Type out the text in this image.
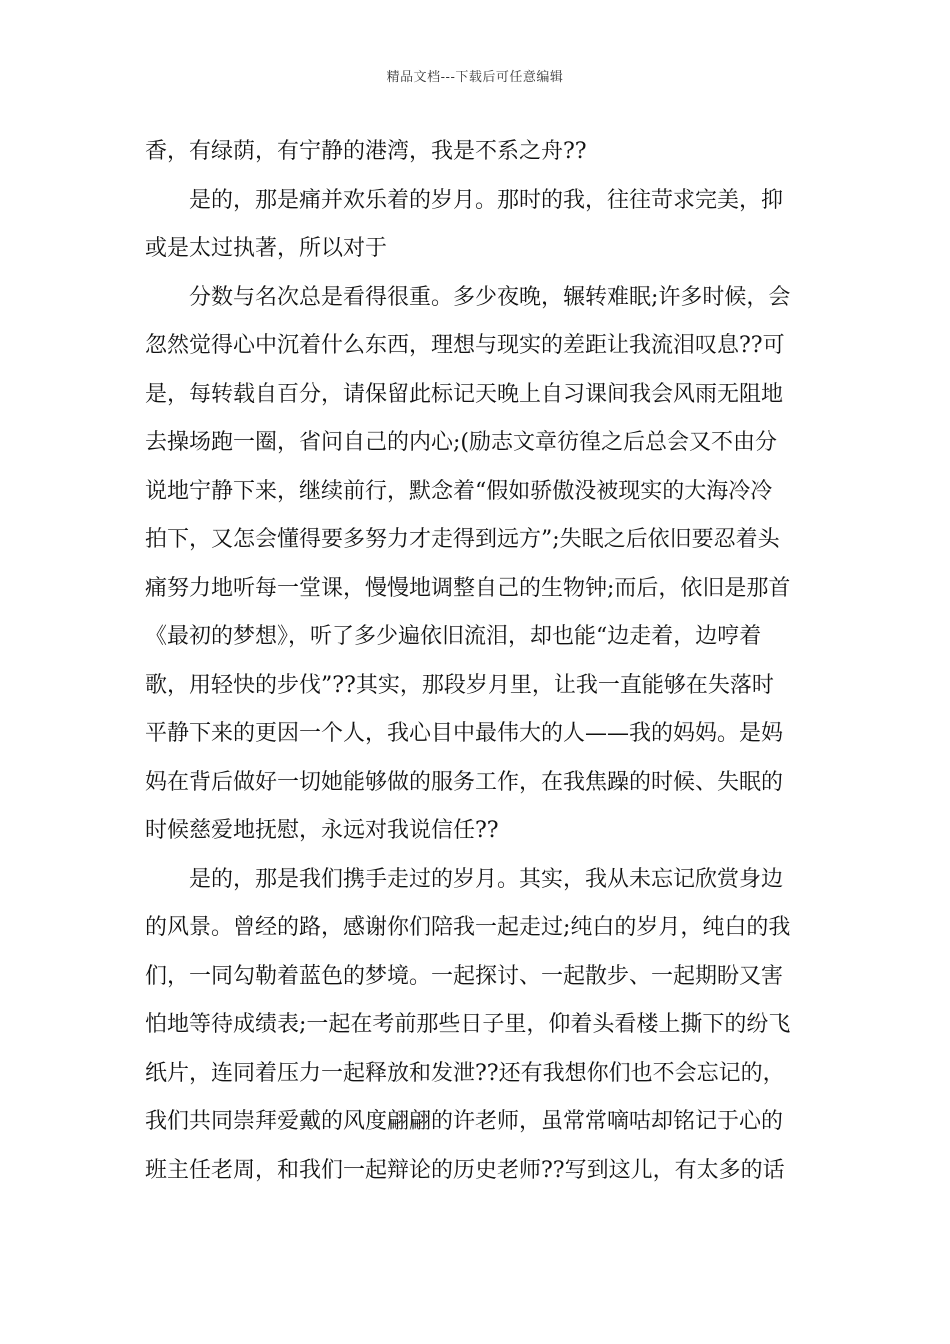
精品文档---下载后可任意编辑
香，有绿荫，有宁静的港湾，我是不系之舟??
是的，那是痛并欢乐着的岁月。那时的我，往往苛求完美，抑
或是太过执著，所以对于
分数与名次总是看得很重。多少夜晚，辗转难眠;许多时候，会
忽然觉得心中沉着什么东西，理想与现实的差距让我流泪叹息??可
是，每转载自百分，请保留此标记天晚上自习课间我会风雨无阻地
去操场跑一圈，省问自己的内心;(励志文章彷徨之后总会又不由分
说地宁静下来，继续前行，默念着“假如骄傲没被现实的大海冷冷
拍下，又怎会懂得要多努力才走得到远方”;失眠之后依旧要忍着头
痛努力地听每一堂课，慢慢地调整自己的生物钟;而后，依旧是那首
《最初的梦想》，听了多少遍依旧流泪，却也能“边走着，边哼着
歌，用轻快的步伐”??其实，那段岁月里，让我一直能够在失落时
平静下来的更因一个人，我心目中最伟大的人——我的妈妈。是妈
妈在背后做好一切她能够做的服务工作，在我焦躁的时候、失眠的
时候慈爱地抚慰，永远对我说信任??
是的，那是我们携手走过的岁月。其实，我从未忘记欣赏身边
的风景。曾经的路，感谢你们陪我一起走过;纯白的岁月，纯白的我
们，一同勾勒着蓝色的梦境。一起探讨、一起散步、一起期盼又害
怕地等待成绩表;一起在考前那些日子里，仰着头看楼上撕下的纷飞
纸片，连同着压力一起释放和发泄??还有我想你们也不会忘记的，
我们共同崇拜爱戴的风度翩翩的许老师，虽常常嘀咕却铭记于心的
班主任老周，和我们一起辩论的历史老师??写到这儿，有太多的话
